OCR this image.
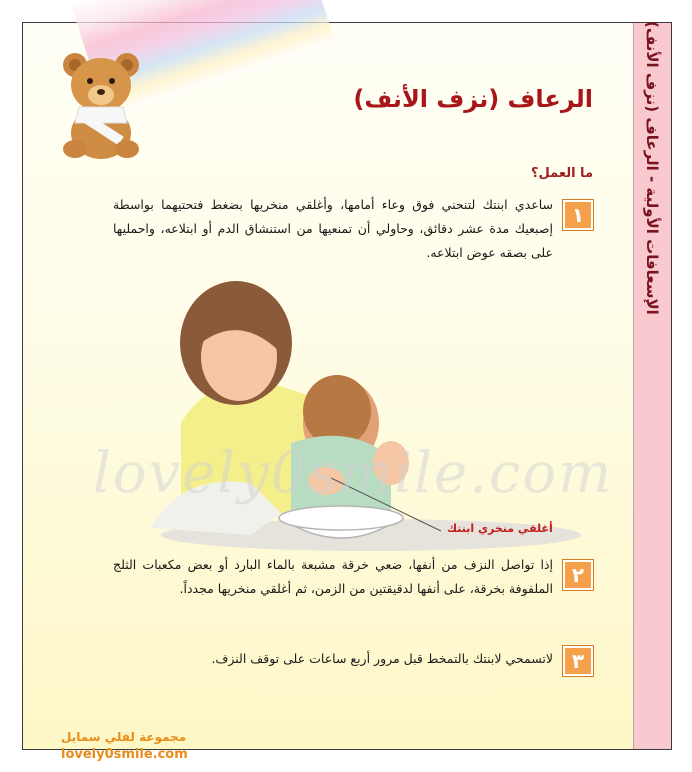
الإسعافات الأولية - الرعاف (نزف الأنف)
الرعاف (نزف الأنف)
ما العمل؟
١
ساعدي ابنتك لتنحني فوق وعاء أمامها، وأغلقي منخريها بضغط فتحتيهما بواسطة إصبعيك مدة عشر دقائق، وحاولي أن تمنعيها من استنشاق الدم أو ابتلاعه، واحمليها على بصقه عوض ابتلاعه.
lovely0smile.com
أغلقي منخري ابنتك
٢
إذا تواصل النزف من أنفها، ضعي خرقة مشبعة بالماء البارد أو بعض مكعبات الثلج الملفوفة بخرقة، على أنفها لدقيقتين من الزمن، ثم أغلقي منخريها مجدداً.
٣
لاتسمحي لابنتك بالتمخط قبل مرور أربع ساعات على توقف النزف.
مجموعة لفلي سمايل
lovely0smile.com
